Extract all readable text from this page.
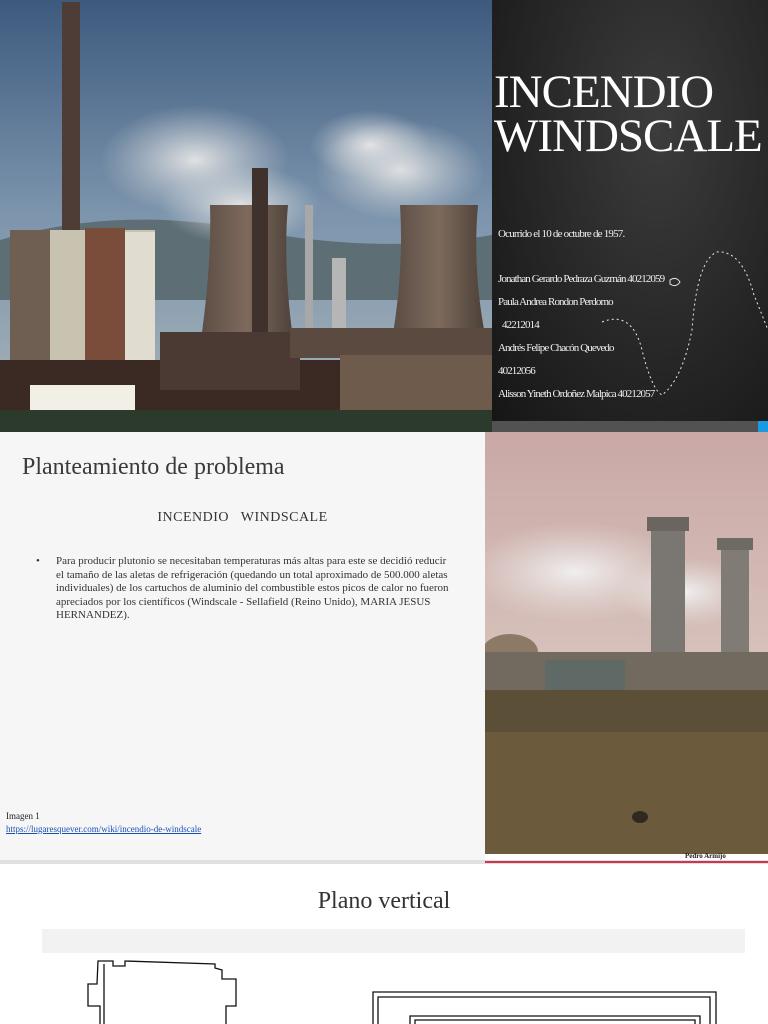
INCENDIO WINDSCALE
Ocurrido el 10 de octubre de 1957.
Jonathan Gerardo Pedraza Guzmán 40212059
Paula Andrea Rondon Perdomo
42212014
Andrés Felipe Chacón Quevedo
40212056
Alisson Yineth Ordoñez Malpica 40212057
Planteamiento de problema
INCENDIO WINDSCALE
•	Para producir plutonio se necesitaban temperaturas más altas para este se decidió reducir el tamaño de las aletas de refrigeración (quedando un total aproximado de 500.000 aletas individuales) de los cartuchos de aluminio del combustible estos picos de calor no fueron apreciados por los científicos (Windscale - Sellafield (Reino Unido), MARIA JESUS HERNANDEZ).
Imagen 1
https://lugaresquever.com/wiki/incendio-de-windscale
Pedro Armijo
Plano vertical
